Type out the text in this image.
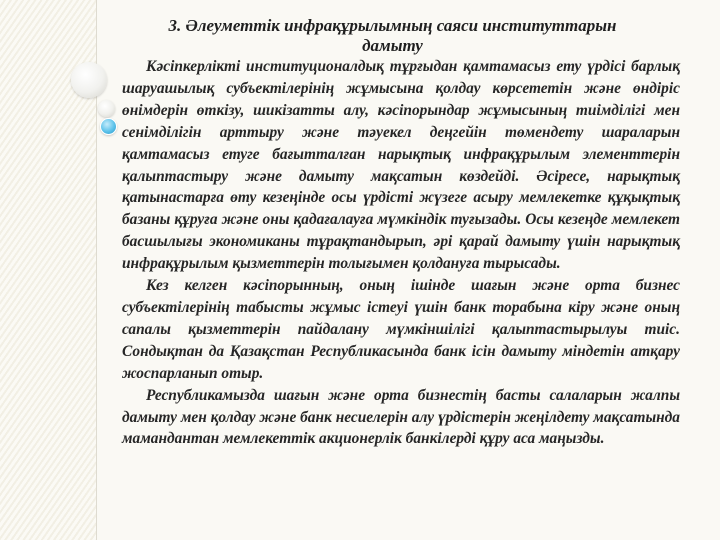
3. Әлеуметтік инфрақұрылымның саяси институттарын
дамыту

Кәсіпкерлікті институционалдық тұрғыдан қамтамасыз ету үрдісі барлық шаруашылық субъектілерінің жұмысына қолдау көрсететін және өндіріс өнімдерін өткізу, шикізатты алу, кәсіпорындар жұмысының тиімділігі мен сенімділігін арттыру және тәуекел деңгейін төмендету шараларын қамтамасыз етуге бағытталған нарықтық инфрақұрылым элементтерін қалыптастыру және дамыту мақсатын көздейді. Әсіресе, нарықтық қатынастарға өту кезеңінде осы үрдісті жүзеге асыру мемлекетке құқықтық базаны құруға және оны қадағалауға мүмкіндік туғызады. Осы кезеңде мемлекет басшылығы экономиканы тұрақтандырып, әрі қарай дамыту үшін нарықтық инфрақұрылым қызметтерін толығымен қолдануға тырысады.

Кез келген кәсіпорынның, оның ішінде шағын және орта бизнес субъектілерінің табысты жұмыс істеуі үшін банк торабына кіру және оның сапалы қызметтерін пайдалану мүмкіншілігі қалыптастырылуы тиіс. Сондықтан да Қазақстан Республикасында банк ісін дамыту міндетін атқару жоспарланып отыр.

Республикамызда шағын және орта бизнестің басты салаларын жалпы дамыту мен қолдау және банк несиелерін алу үрдістерін жеңілдету мақсатында мамандантан мемлекеттік акционерлік банкілерді құру аса маңызды.
